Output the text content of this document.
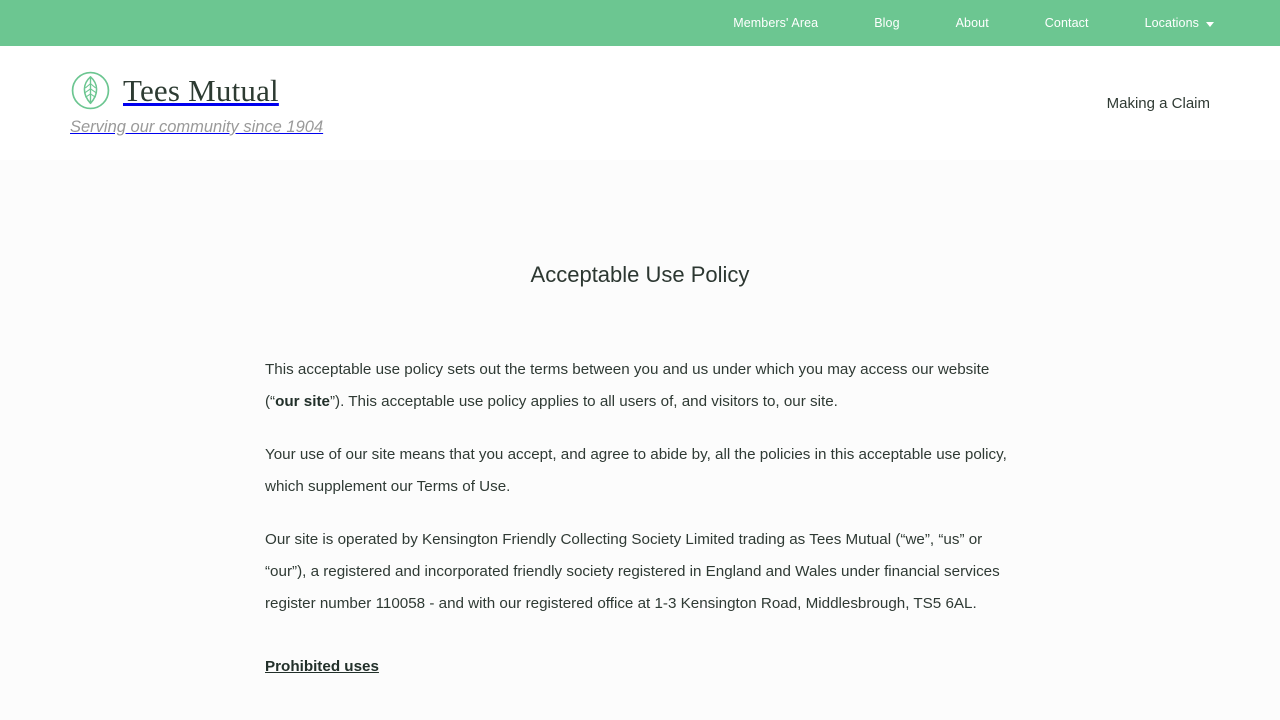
Members' Area	Blog	About	Contact	Locations
Tees Mutual
Serving our community since 1904
Making a Claim
Acceptable Use Policy

This acceptable use policy sets out the terms between you and us under which you may access our website (“our site”). This acceptable use policy applies to all users of, and visitors to, our site.

Your use of our site means that you accept, and agree to abide by, all the policies in this acceptable use policy, which supplement our Terms of Use.

Our site is operated by Kensington Friendly Collecting Society Limited trading as Tees Mutual (“we”, “us” or “our”), a registered and incorporated friendly society registered in England and Wales under financial services register number 110058 - and with our registered office at 1-3 Kensington Road, Middlesbrough, TS5 6AL.

Prohibited uses
